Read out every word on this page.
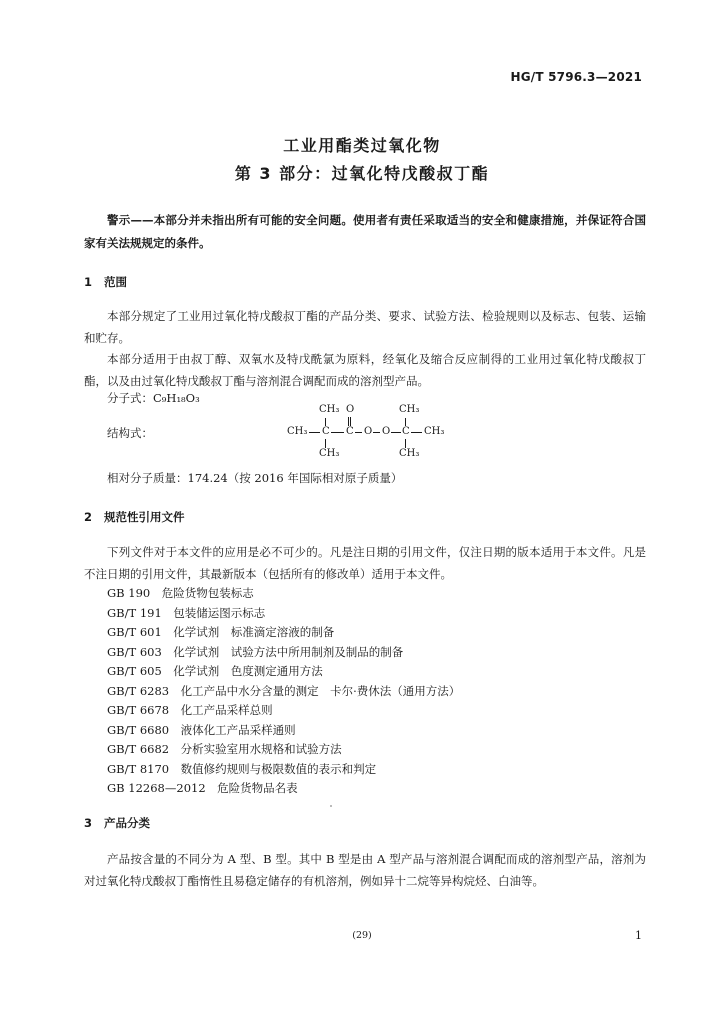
HG/T 5796.3—2021
工业用酯类过氧化物
第 3 部分：过氧化特戊酸叔丁酯
警示——本部分并未指出所有可能的安全问题。使用者有责任采取适当的安全和健康措施，并保证符合国家有关法规规定的条件。
1 范围
本部分规定了工业用过氧化特戊酸叔丁酯的产品分类、要求、试验方法、检验规则以及标志、包装、运输和贮存。
本部分适用于由叔丁醇、双氧水及特戊酰氯为原料，经氧化及缩合反应制得的工业用过氧化特戊酸叔丁酯，以及由过氧化特戊酸叔丁酯与溶剂混合调配而成的溶剂型产品。
分子式：C₉H₁₈O₃
结构式：
CH₃ O	CH₃
CH₃ C C O O C CH₃
CH₃	CH₃
相对分子质量：174.24（按 2016 年国际相对原子质量）
2 规范性引用文件
下列文件对于本文件的应用是必不可少的。凡是注日期的引用文件，仅注日期的版本适用于本文件。凡是不注日期的引用文件，其最新版本（包括所有的修改单）适用于本文件。
GB 190　 危险货物包装标志
GB/T 191　 包装储运图示标志
GB/T 601　 化学试剂　标准滴定溶液的制备
GB/T 603　 化学试剂　试验方法中所用制剂及制品的制备
GB/T 605　 化学试剂　色度测定通用方法
GB/T 6283　 化工产品中水分含量的测定　卡尔·费休法（通用方法）
GB/T 6678　 化工产品采样总则
GB/T 6680　 液体化工产品采样通则
GB/T 6682　 分析实验室用水规格和试验方法
GB/T 8170　 数值修约规则与极限数值的表示和判定
GB 12268—2012　 危险货物品名表
3 产品分类
产品按含量的不同分为 A 型、B 型。其中 B 型是由 A 型产品与溶剂混合调配而成的溶剂型产品，溶剂为对过氧化特戊酸叔丁酯惰性且易稳定储存的有机溶剂，例如异十二烷等异构烷烃、白油等。
(29)	1
